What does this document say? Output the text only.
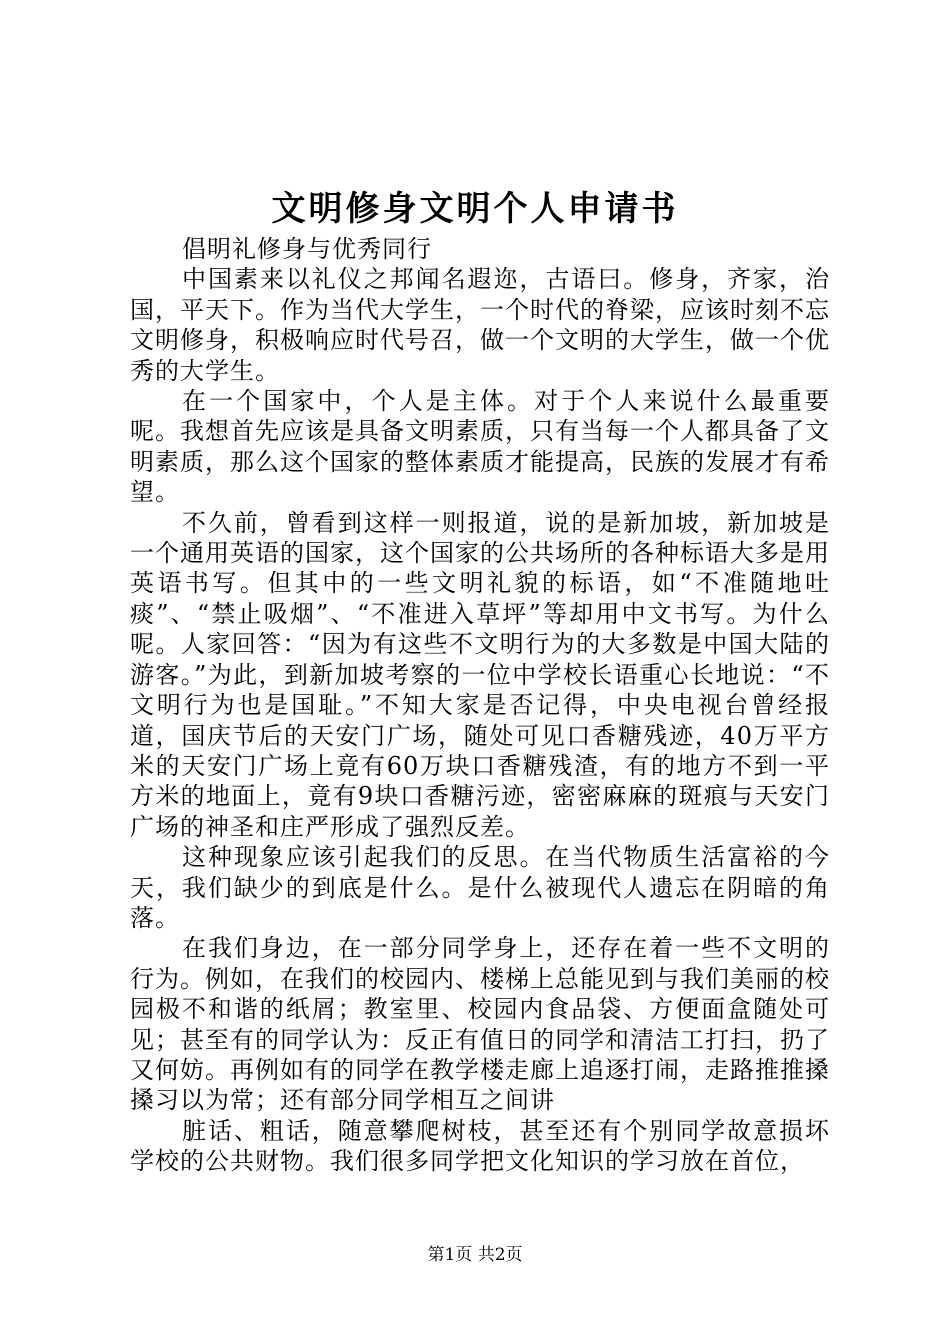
文明修身文明个人申请书

倡明礼修身与优秀同行

中国素来以礼仪之邦闻名遐迩，古语曰。修身，齐家，治国，平天下。作为当代大学生，一个时代的脊梁，应该时刻不忘文明修身，积极响应时代号召，做一个文明的大学生，做一个优秀的大学生。

在一个国家中，个人是主体。对于个人来说什么最重要呢。我想首先应该是具备文明素质，只有当每一个人都具备了文明素质，那么这个国家的整体素质才能提高，民族的发展才有希望。

不久前，曾看到这样一则报道，说的是新加坡，新加坡是一个通用英语的国家，这个国家的公共场所的各种标语大多是用英语书写。但其中的一些文明礼貌的标语，如“不准随地吐痰”、“禁止吸烟”、“不准进入草坪”等却用中文书写。为什么呢。人家回答：“因为有这些不文明行为的大多数是中国大陆的游客。”为此，到新加坡考察的一位中学校长语重心长地说：“不文明行为也是国耻。”不知大家是否记得，中央电视台曾经报道，国庆节后的天安门广场，随处可见口香糖残迹，40万平方米的天安门广场上竟有60万块口香糖残渣，有的地方不到一平方米的地面上，竟有9块口香糖污迹，密密麻麻的斑痕与天安门广场的神圣和庄严形成了强烈反差。

这种现象应该引起我们的反思。在当代物质生活富裕的今天，我们缺少的到底是什么。是什么被现代人遗忘在阴暗的角落。

在我们身边，在一部分同学身上，还存在着一些不文明的行为。例如，在我们的校园内、楼梯上总能见到与我们美丽的校园极不和谐的纸屑；教室里、校园内食品袋、方便面盒随处可见；甚至有的同学认为：反正有值日的同学和清洁工打扫，扔了又何妨。再例如有的同学在教学楼走廊上追逐打闹，走路推推搡搡习以为常；还有部分同学相互之间讲

脏话、粗话，随意攀爬树枝，甚至还有个别同学故意损坏学校的公共财物。我们很多同学把文化知识的学习放在首位，

第1页 共2页
